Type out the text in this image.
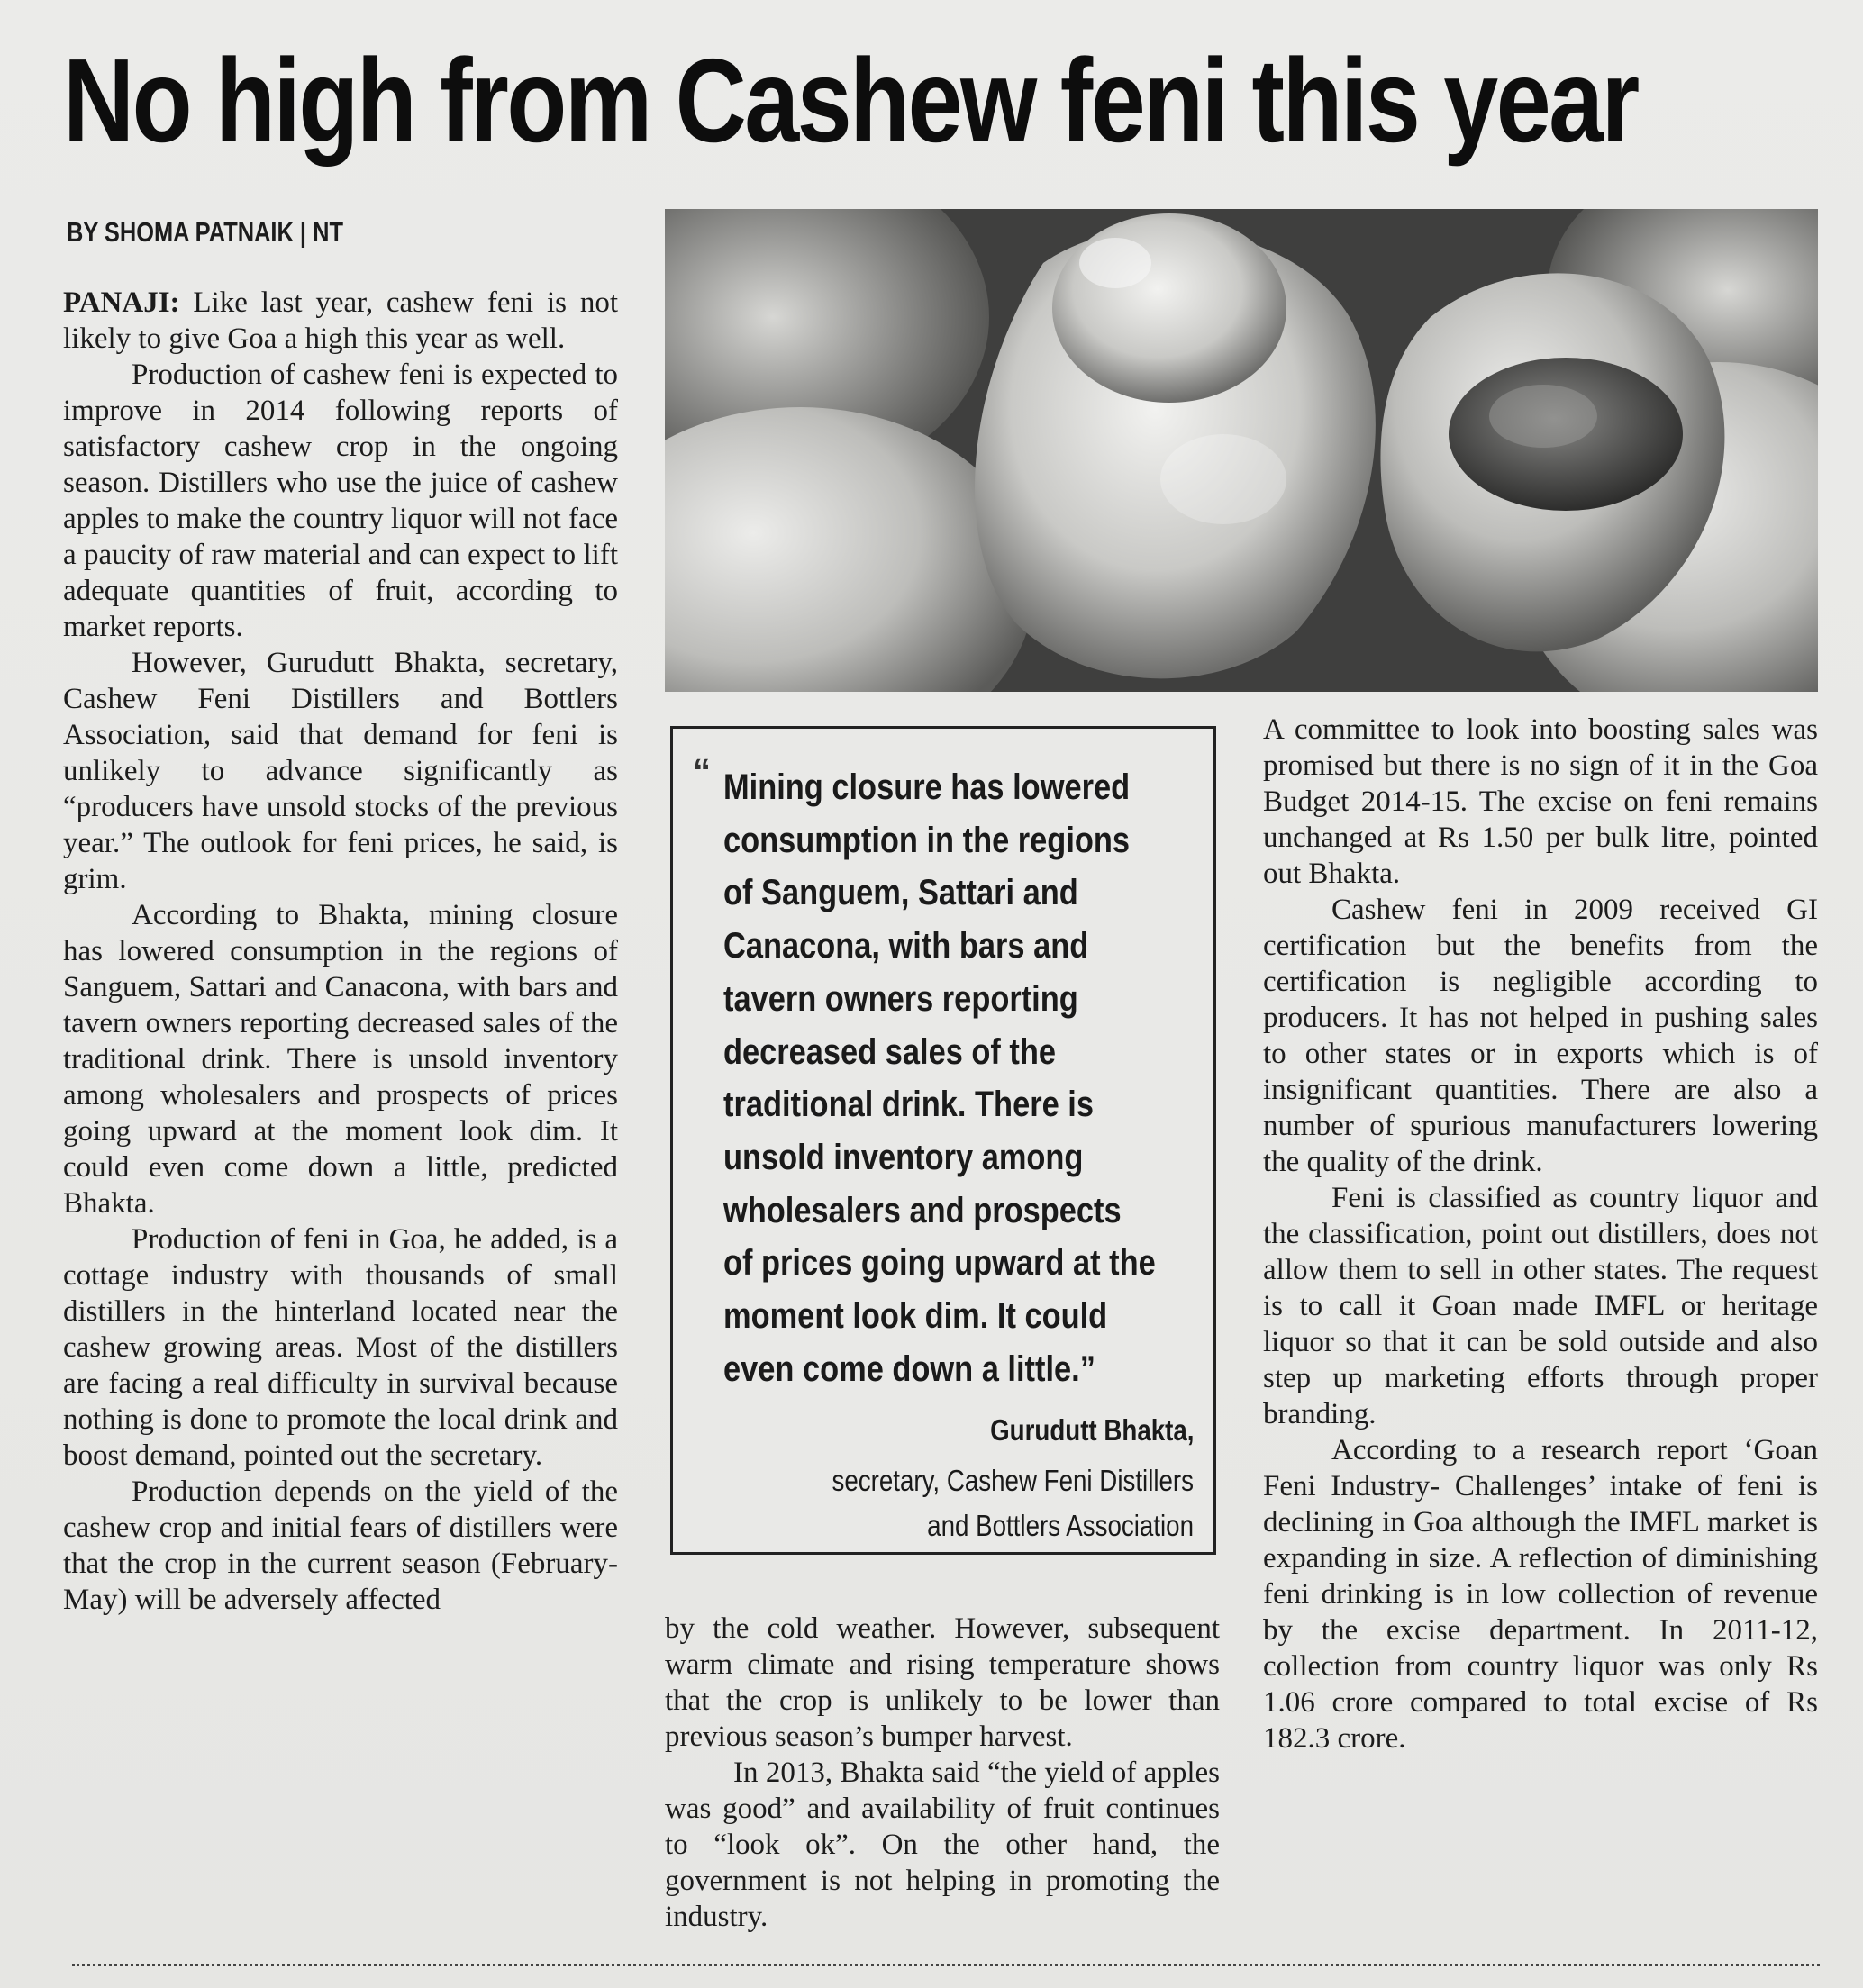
No high from Cashew feni this year
BY SHOMA PATNAIK | NT

PANAJI: Like last year, cashew feni is not likely to give Goa a high this year as well.

Production of cashew feni is expected to improve in 2014 following reports of satisfactory cashew crop in the ongoing season. Distillers who use the juice of cashew apples to make the country liquor will not face a paucity of raw material and can expect to lift adequate quantities of fruit, according to market reports.

However, Gurudutt Bhakta, secretary, Cashew Feni Distillers and Bottlers Association, said that demand for feni is unlikely to advance significantly as “producers have unsold stocks of the previous year.” The outlook for feni prices, he said, is grim.

According to Bhakta, mining closure has lowered consumption in the regions of Sanguem, Sattari and Canacona, with bars and tavern owners reporting decreased sales of the traditional drink. There is unsold inventory among wholesalers and prospects of prices going upward at the moment look dim. It could even come down a little, predicted Bhakta.

Production of feni in Goa, he added, is a cottage industry with thousands of small distillers in the hinterland located near the cashew growing areas. Most of the distillers are facing a real difficulty in survival because nothing is done to promote the local drink and boost demand, pointed out the secretary.

Production depends on the yield of the cashew crop and initial fears of distillers were that the crop in the current season (February-May) will be adversely affected

“ Mining closure has lowered
consumption in the regions
of Sanguem, Sattari and
Canacona, with bars and
tavern owners reporting
decreased sales of the
traditional drink. There is
unsold inventory among
wholesalers and prospects
of prices going upward at the
moment look dim. It could
even come down a little.”
Gurudutt Bhakta,
secretary, Cashew Feni Distillers
and Bottlers Association

by the cold weather. However, subsequent warm climate and rising temperature shows that the crop is unlikely to be lower than previous season’s bumper harvest.

In 2013, Bhakta said “the yield of apples was good” and availability of fruit continues to “look ok”. On the other hand, the government is not helping in promoting the industry.

A committee to look into boosting sales was promised but there is no sign of it in the Goa Budget 2014-15. The excise on feni remains unchanged at Rs 1.50 per bulk litre, pointed out Bhakta.

Cashew feni in 2009 received GI certification but the benefits from the certification is negligible according to producers. It has not helped in pushing sales to other states or in exports which is of insignificant quantities. There are also a number of spurious manufacturers lowering the quality of the drink.

Feni is classified as country liquor and the classification, point out distillers, does not allow them to sell in other states. The request is to call it Goan made IMFL or heritage liquor so that it can be sold outside and also step up marketing efforts through proper branding.

According to a research report ‘Goan Feni Industry- Challenges’ intake of feni is declining in Goa although the IMFL market is expanding in size. A reflection of diminishing feni drinking is in low collection of revenue by the excise department. In 2011-12, collection from country liquor was only Rs 1.06 crore compared to total excise of Rs 182.3 crore.
